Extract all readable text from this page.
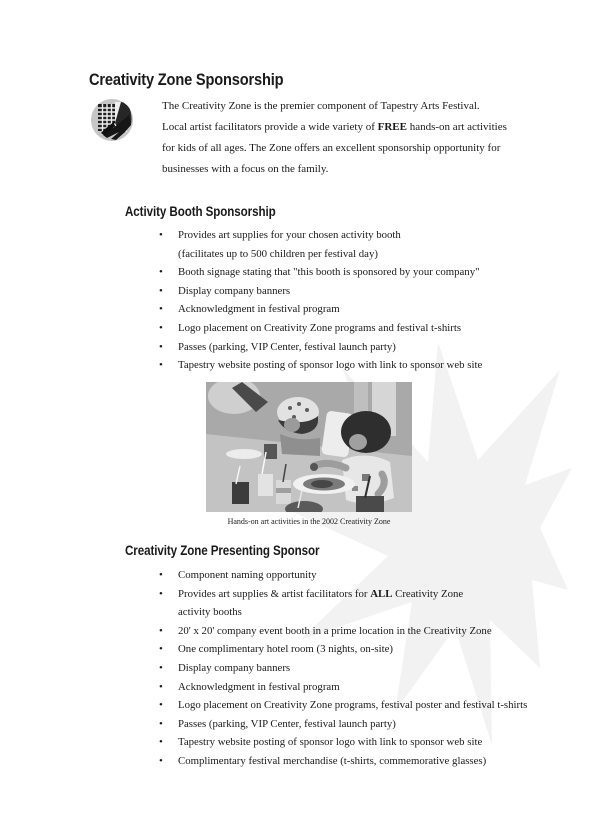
Creativity Zone Sponsorship
The Creativity Zone is the premier component of Tapestry Arts Festival.
Local artist facilitators provide a wide variety of FREE hands-on art activities
for kids of all ages. The Zone offers an excellent sponsorship opportunity for
businesses with a focus on the family.
Activity Booth Sponsorship
•	Provides art supplies for your chosen activity booth
(facilitates up to 500 children per festival day)
•	Booth signage stating that "this booth is sponsored by your company"
•	Display company banners
•	Acknowledgment in festival program
•	Logo placement on Creativity Zone programs and festival t-shirts
•	Passes (parking, VIP Center, festival launch party)
•	Tapestry website posting of sponsor logo with link to sponsor web site
Hands-on art activities in the 2002 Creativity Zone
Creativity Zone Presenting Sponsor
•	Component naming opportunity
•	Provides art supplies & artist facilitators for ALL Creativity Zone
activity booths
•	20' x 20' company event booth in a prime location in the Creativity Zone
•	One complimentary hotel room (3 nights, on-site)
•	Display company banners
•	Acknowledgment in festival program
•	Logo placement on Creativity Zone programs, festival poster and festival t-shirts
•	Passes (parking, VIP Center, festival launch party)
•	Tapestry website posting of sponsor logo with link to sponsor web site
•	Complimentary festival merchandise (t-shirts, commemorative glasses)
